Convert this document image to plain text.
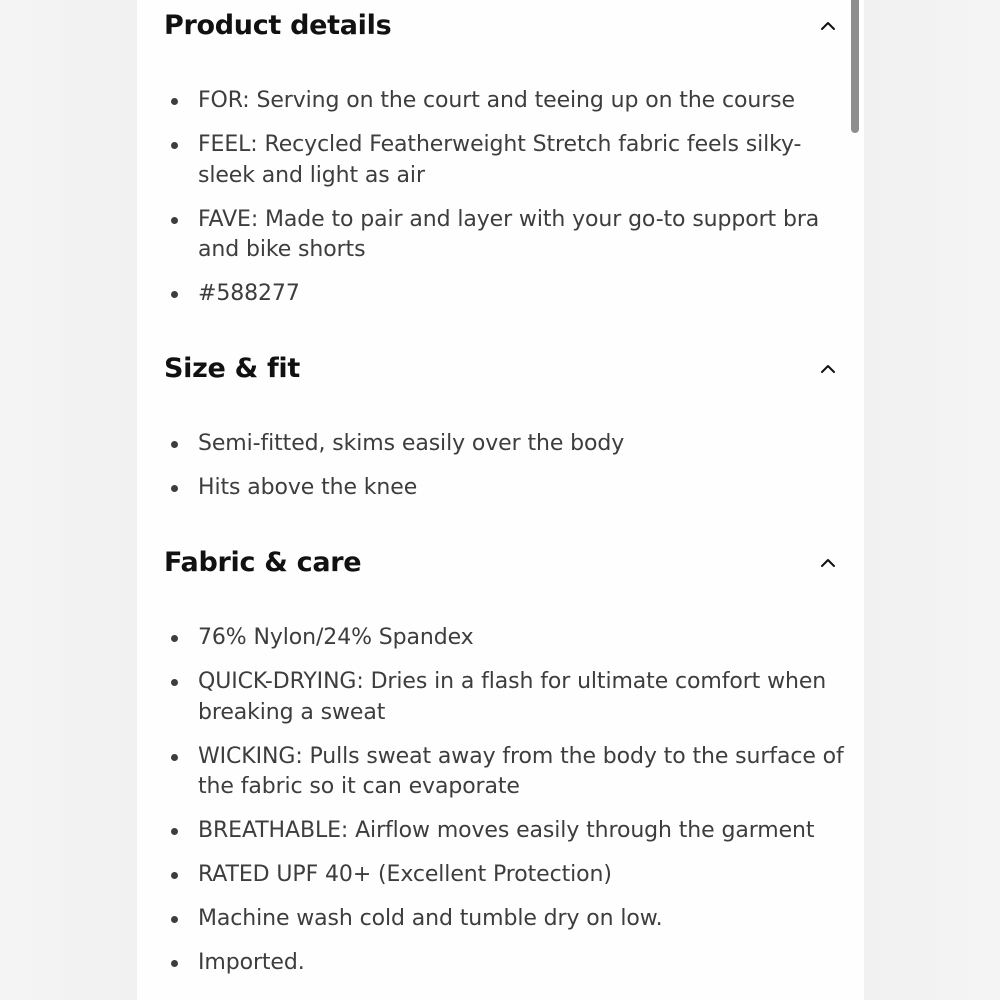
Product details
FOR: Serving on the court and teeing up on the course
FEEL: Recycled Featherweight Stretch fabric feels silky-sleek and light as air
FAVE: Made to pair and layer with your go-to support bra and bike shorts
#588277
Size & fit
Semi-fitted, skims easily over the body
Hits above the knee
Fabric & care
76% Nylon/24% Spandex
QUICK-DRYING: Dries in a flash for ultimate comfort when breaking a sweat
WICKING: Pulls sweat away from the body to the surface of the fabric so it can evaporate
BREATHABLE: Airflow moves easily through the garment
RATED UPF 40+ (Excellent Protection)
Machine wash cold and tumble dry on low.
Imported.
